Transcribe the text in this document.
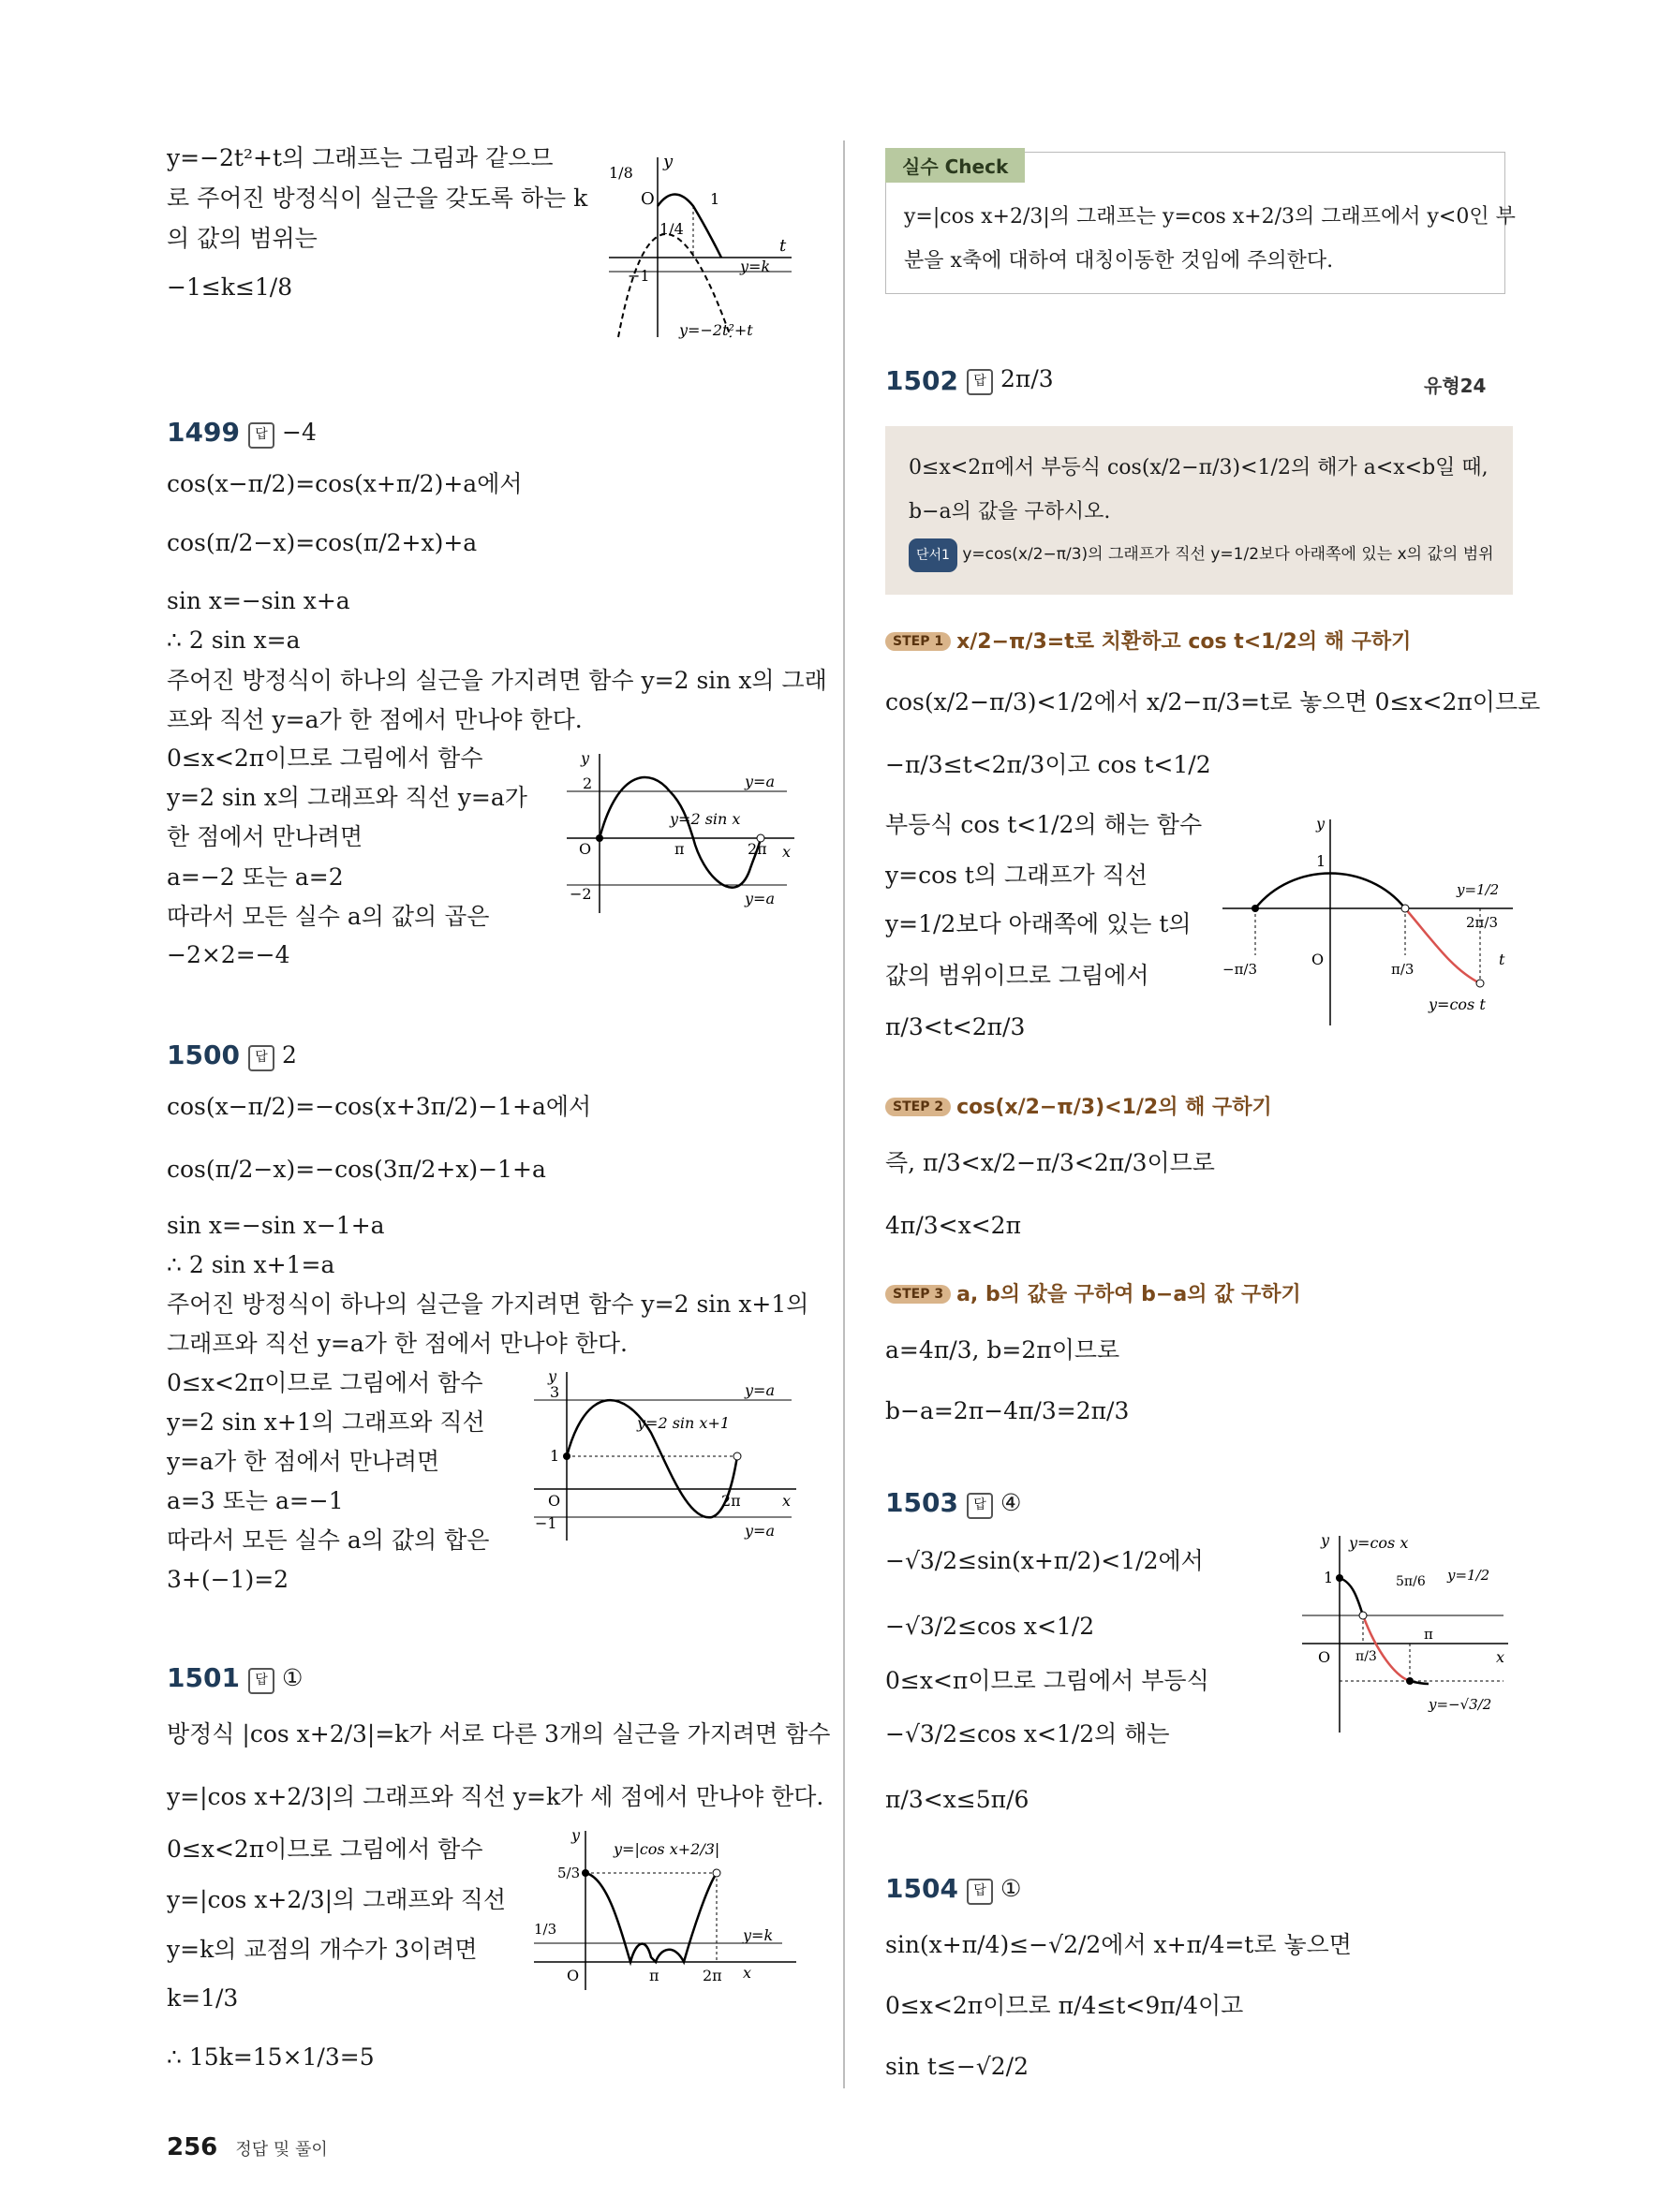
y=−2t²+t의 그래프는 그림과 같으므
로 주어진 방정식이 실근을 갖도록 하는 k
의 값의 범위는
−1≤k≤1/8
y
t
O
1/8
1
1/4
−1
y=k
y=−2t²+t
1499	답 −4
cos(x−π/2)=cos(x+π/2)+a에서
cos(π/2−x)=cos(π/2+x)+a
sin x=−sin x+a
∴ 2 sin x=a
주어진 방정식이 하나의 실근을 가지려면 함수 y=2 sin x의 그래
프와 직선 y=a가 한 점에서 만나야 한다.
0≤x<2π이므로 그림에서 함수
y=2 sin x의 그래프와 직선 y=a가
한 점에서 만나려면
a=−2 또는 a=2
따라서 모든 실수 a의 값의 곱은
−2×2=−4
y
x
O
2
−2
π	2π
y=a
y=a
y=2 sin x
1500	답 2
cos(x−π/2)=−cos(x+3π/2)−1+a에서
cos(π/2−x)=−cos(3π/2+x)−1+a
sin x=−sin x−1+a
∴ 2 sin x+1=a
주어진 방정식이 하나의 실근을 가지려면 함수 y=2 sin x+1의
그래프와 직선 y=a가 한 점에서 만나야 한다.
0≤x<2π이므로 그림에서 함수
y=2 sin x+1의 그래프와 직선
y=a가 한 점에서 만나려면
a=3 또는 a=−1
따라서 모든 실수 a의 값의 합은
3+(−1)=2
y
x
O
3
1
−1
2π
y=a
y=a
y=2 sin x+1
1501	답 ①
방정식 |cos x+2/3|=k가 서로 다른 3개의 실근을 가지려면 함수
y=|cos x+2/3|의 그래프와 직선 y=k가 세 점에서 만나야 한다.
0≤x<2π이므로 그림에서 함수
y=|cos x+2/3|의 그래프와 직선
y=k의 교점의 개수가 3이려면
k=1/3
∴ 15k=15×1/3=5
y
x
O
5/3
1/3
π	2π
y=k
y=|cos x+2/3|
실수 Check
y=|cos x+2/3|의 그래프는 y=cos x+2/3의 그래프에서 y<0인 부
분을 x축에 대하여 대칭이동한 것임에 주의한다.
1502	답 2π/3	유형24
0≤x<2π에서 부등식 cos(x/2−π/3)<1/2의 해가 a<x<b일 때,
b−a의 값을 구하시오.
단서1 y=cos(x/2−π/3)의 그래프가 직선 y=1/2보다 아래쪽에 있는 x의 값의 범위
STEP 1 x/2−π/3=t로 치환하고 cos t<1/2의 해 구하기
cos(x/2−π/3)<1/2에서 x/2−π/3=t로 놓으면 0≤x<2π이므로
−π/3≤t<2π/3이고 cos t<1/2
부등식 cos t<1/2의 해는 함수
y=cos t의 그래프가 직선
y=1/2보다 아래쪽에 있는 t의
값의 범위이므로 그림에서
π/3<t<2π/3
y
t
O
1
−π/3	π/3
2π/3
y=1/2
y=cos t
STEP 2 cos(x/2−π/3)<1/2의 해 구하기
즉, π/3<x/2−π/3<2π/3이므로
4π/3<x<2π
STEP 3 a, b의 값을 구하여 b−a의 값 구하기
a=4π/3, b=2π이므로
b−a=2π−4π/3=2π/3
1503	답 ④
−√3/2≤sin(x+π/2)<1/2에서
−√3/2≤cos x<1/2
0≤x<π이므로 그림에서 부등식
−√3/2≤cos x<1/2의 해는
π/3<x≤5π/6
y
x
O
1
π/3
5π/6
π
y=1/2
y=−√3/2
y=cos x
1504	답 ①
sin(x+π/4)≤−√2/2에서 x+π/4=t로 놓으면
0≤x<2π이므로 π/4≤t<9π/4이고
sin t≤−√2/2
256 정답 및 풀이
